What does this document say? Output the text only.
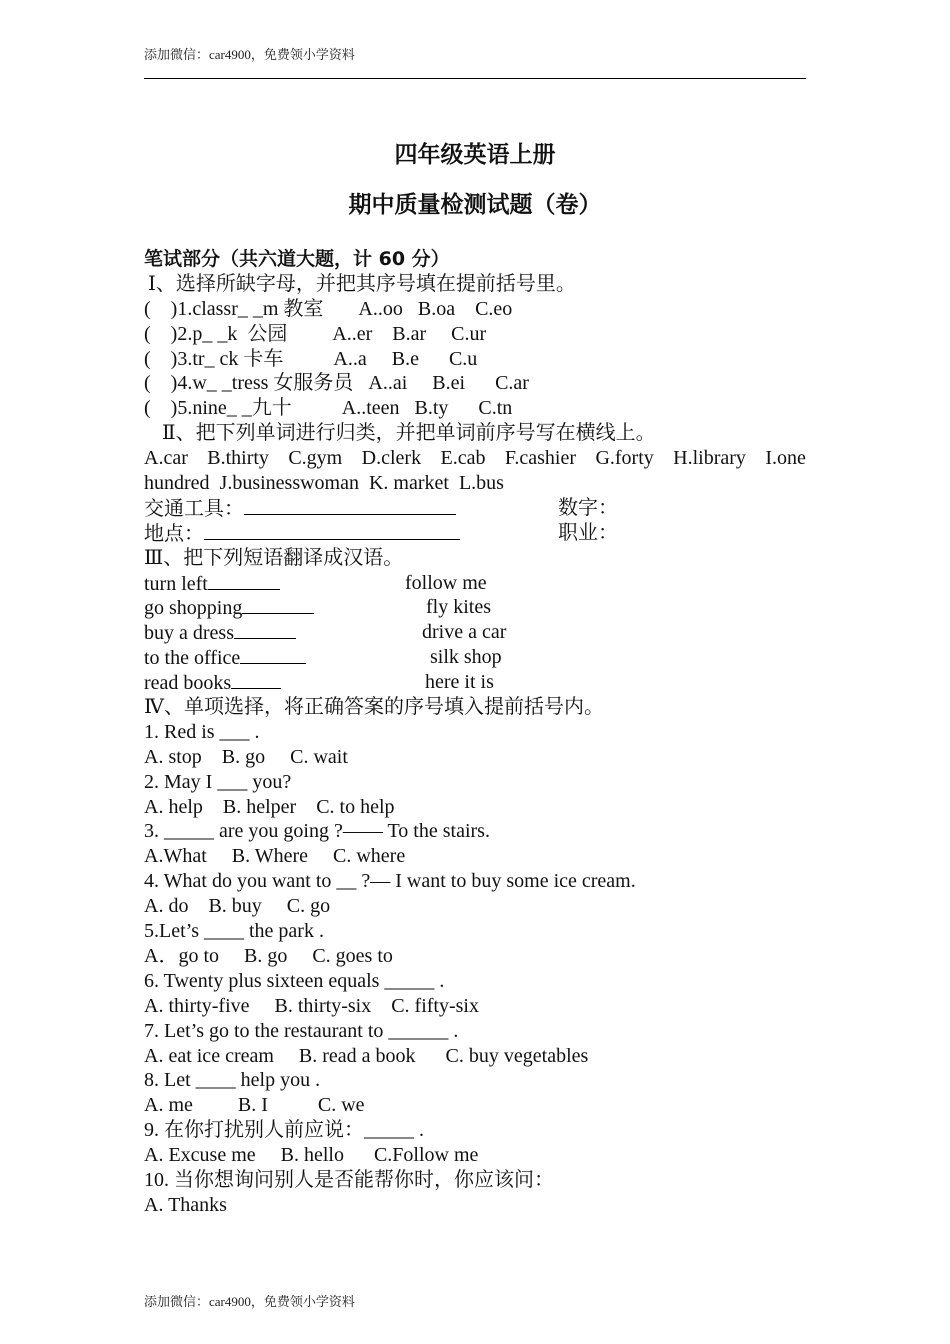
添加微信：car4900，免费领小学资料
四年级英语上册
期中质量检测试题（卷）
笔试部分（共六道大题，计 60 分）
Ⅰ、选择所缺字母，并把其序号填在提前括号里。
(    )1.classr_ _m 教室       A..oo   B.oa    C.eo
(    )2.p_ _k  公园         A..er    B.ar     C.ur
(    )3.tr_ ck 卡车          A..a     B.e      C.u
(    )4.w_ _tress 女服务员   A..ai     B.ei      C.ar
(    )5.nine_ _九十          A..teen   B.ty      C.tn
Ⅱ、把下列单词进行归类，并把单词前序号写在横线上。
A.car B.thirty C.gym D.clerk E.cab F.cashier G.forty H.library I.one
hundred  J.businesswoman  K. market  L.bus
交通工具：	数字：
地点：	职业：
Ⅲ、把下列短语翻译成汉语。
turn left	follow me
go shopping	fly kites
buy a dress	drive a car
to the office	silk shop
read books	here it is
Ⅳ、单项选择，将正确答案的序号填入提前括号内。
1. Red is ___ .
A. stop    B. go     C. wait
2. May I ___ you?
A. help    B. helper    C. to help
3. _____ are you going ?—— To the stairs.
A.What     B. Where     C. where
4. What do you want to __ ?— I want to buy some ice cream.
A. do    B. buy     C. go
5.Let’s ____ the park .
A．go to     B. go     C. goes to
6. Twenty plus sixteen equals _____ .
A. thirty-five     B. thirty-six    C. fifty-six
7. Let’s go to the restaurant to ______ .
A. eat ice cream     B. read a book      C. buy vegetables
8. Let ____ help you .
A. me         B. I          C. we
9. 在你打扰别人前应说：_____ .
A. Excuse me     B. hello      C.Follow me
10. 当你想询问别人是否能帮你时，你应该问：
A. Thanks
添加微信：car4900，免费领小学资料
